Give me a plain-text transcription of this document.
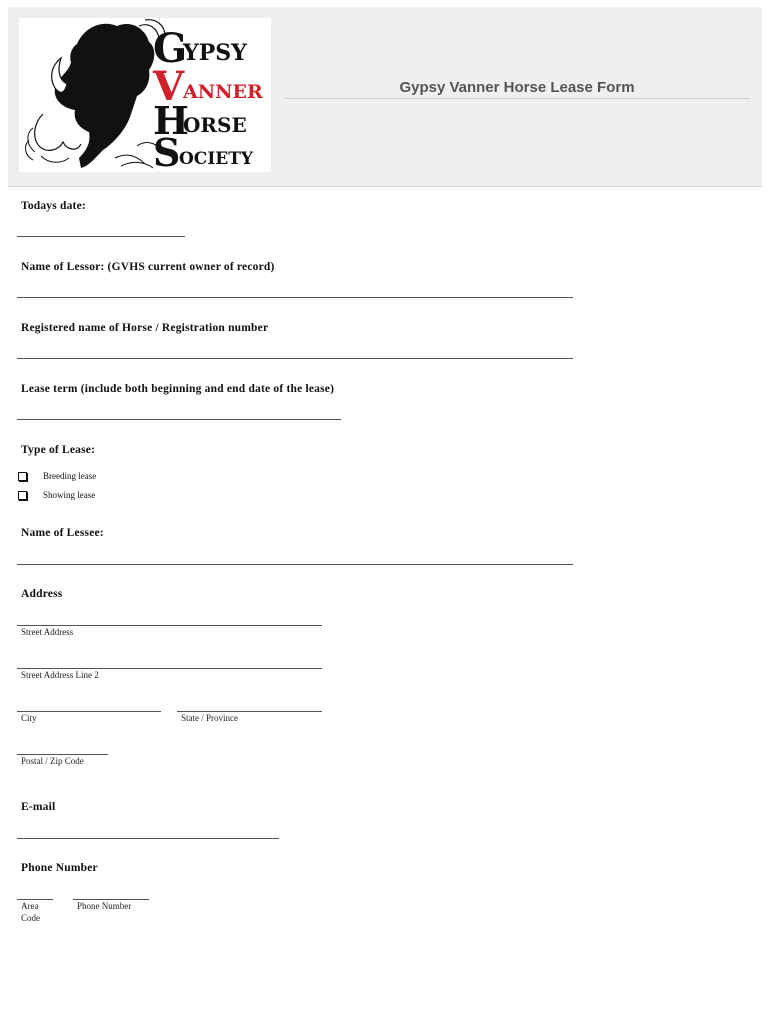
G
YPSY
V
ANNER
H
ORSE
S
OCIETY
Gypsy Vanner Horse Lease Form
Todays date:
Name of Lessor: (GVHS current owner of record)
Registered name of Horse / Registration number
Lease term (include both beginning and end date of the lease)
Type of Lease:
Breeding lease
Showing lease
Name of Lessee:
Address
Street Address
Street Address Line 2
City	State / Province
Postal / Zip Code
E-mail
Phone Number
Area
Code
Phone Number
